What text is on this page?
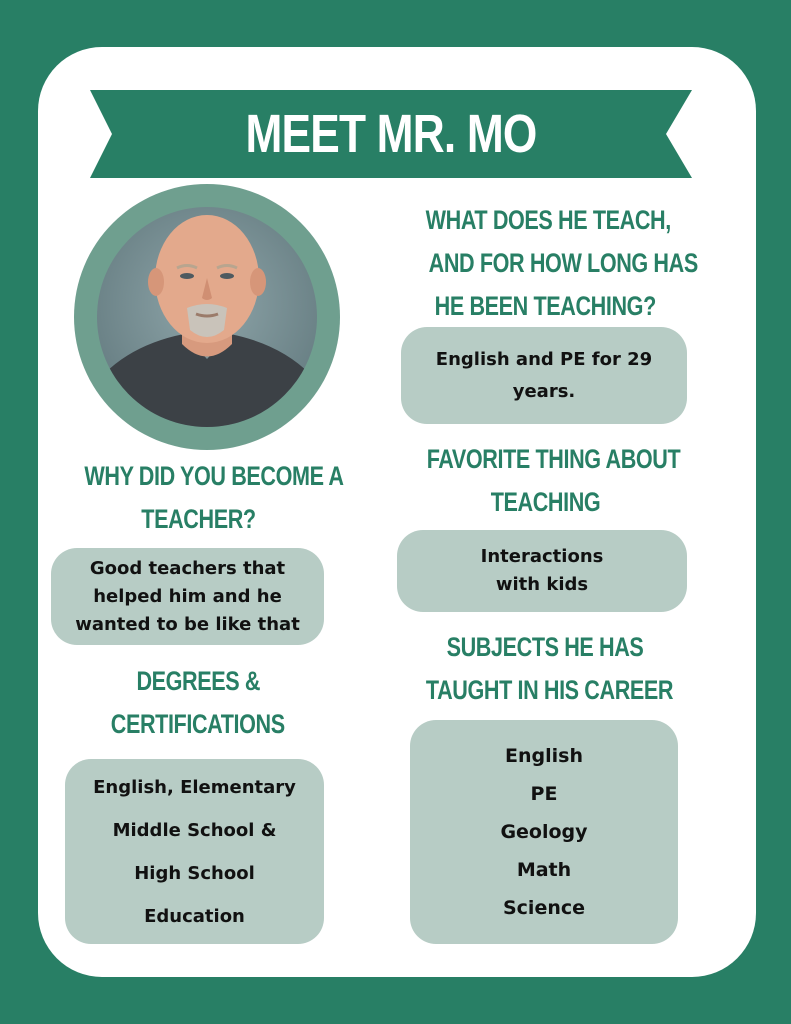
MEET MR. MO
WHAT DOES HE TEACH,
AND FOR HOW LONG HAS
HE BEEN TEACHING?
English and PE for 29
years.
WHY DID YOU BECOME A
TEACHER?
Good teachers that
helped him and he
wanted to be like that
FAVORITE THING ABOUT
TEACHING
Interactions
with kids
DEGREES &
CERTIFICATIONS
English, Elementary
Middle School &
High School
Education
SUBJECTS HE HAS
TAUGHT IN HIS CAREER
English
PE
Geology
Math
Science
